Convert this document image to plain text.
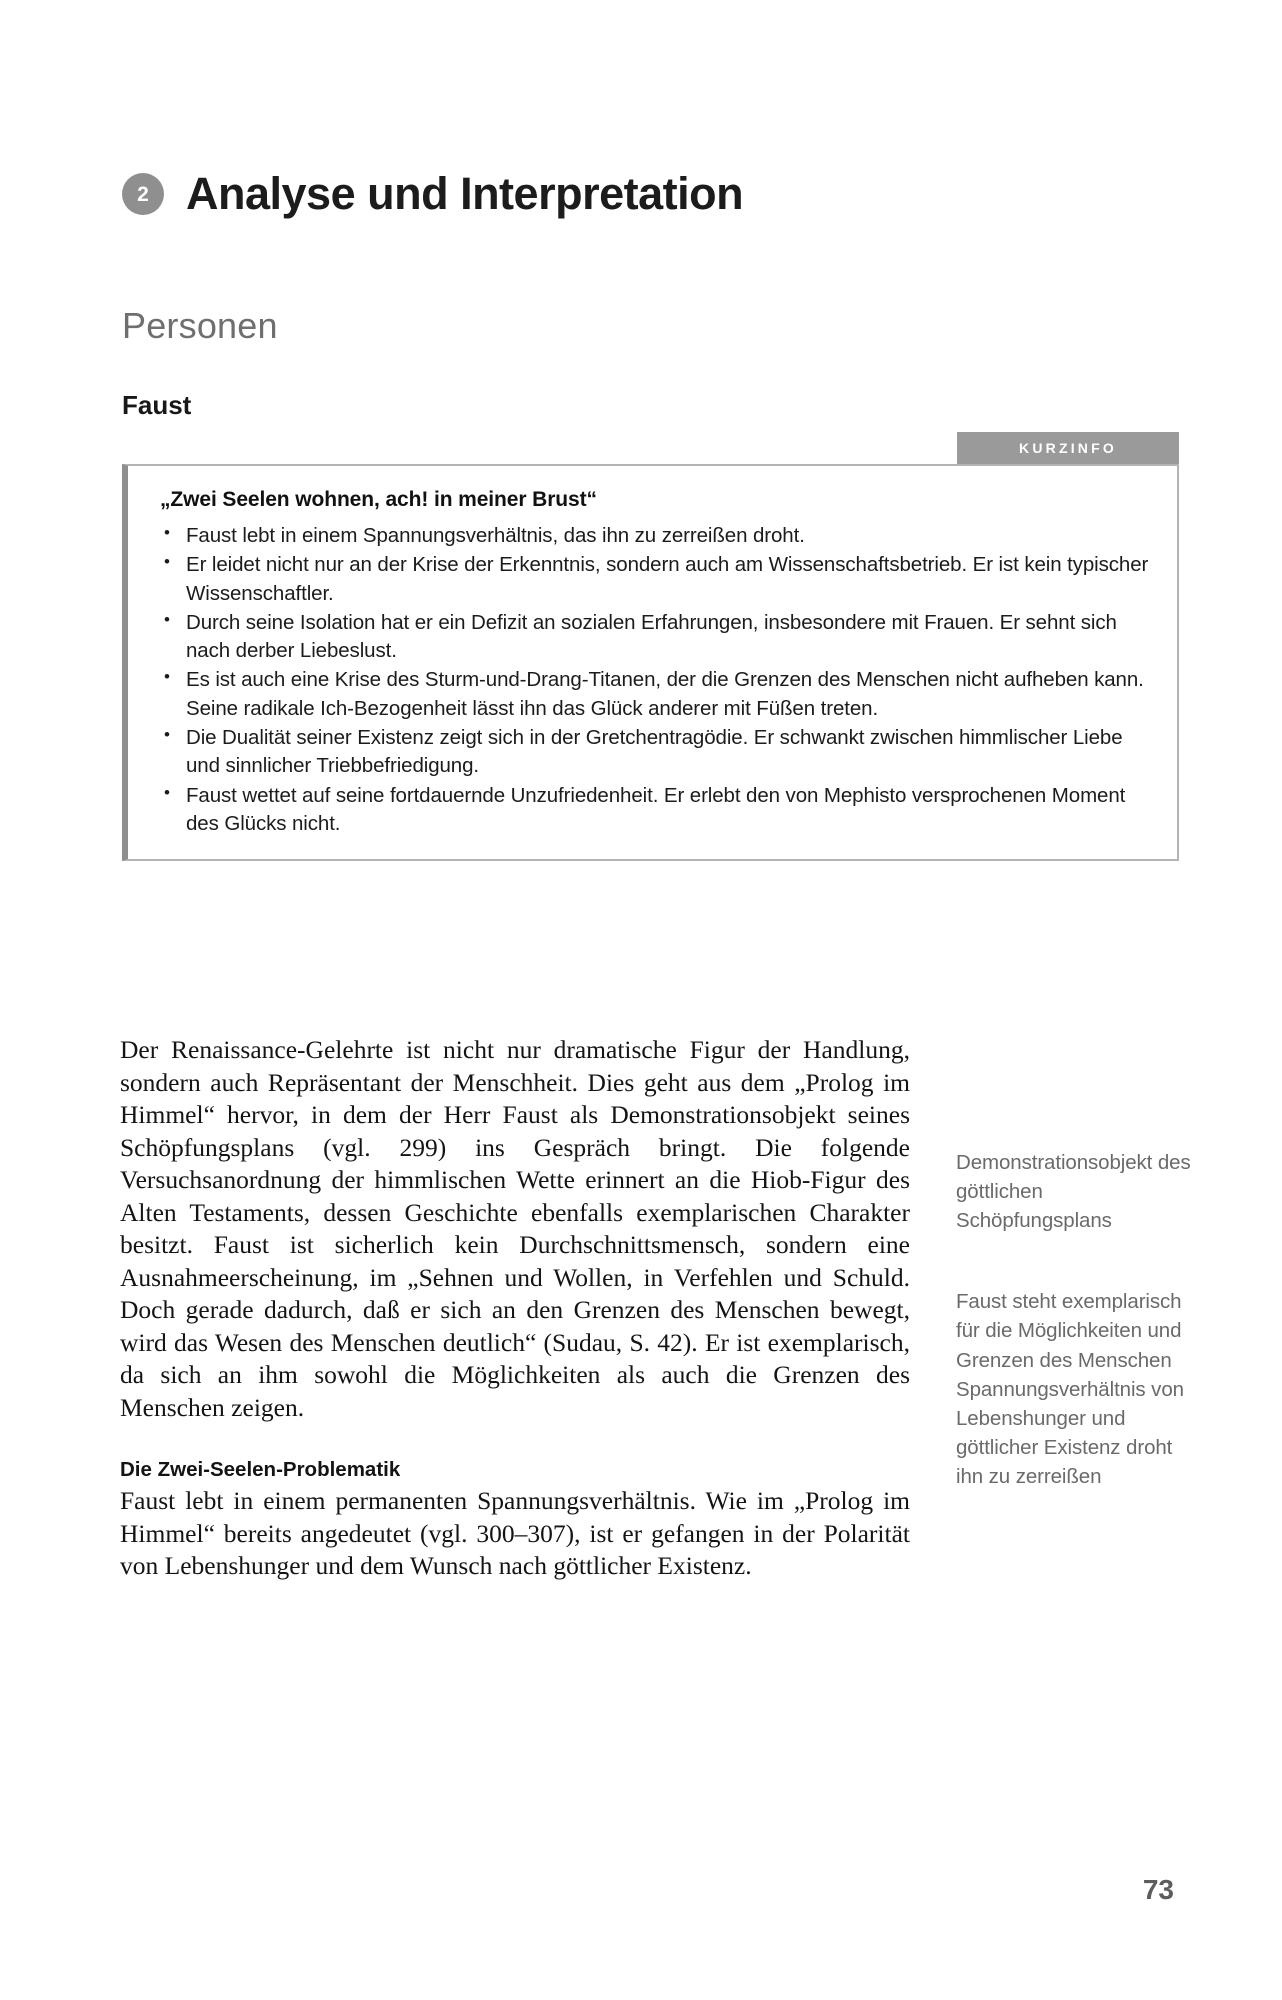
2 Analyse und Interpretation
Personen
Faust
KURZINFO
„Zwei Seelen wohnen, ach! in meiner Brust“
• Faust lebt in einem Spannungsverhältnis, das ihn zu zerreißen droht.
• Er leidet nicht nur an der Krise der Erkenntnis, sondern auch am Wissenschaftsbetrieb. Er ist kein typischer Wissenschaftler.
• Durch seine Isolation hat er ein Defizit an sozialen Erfahrungen, insbesondere mit Frauen. Er sehnt sich nach derber Liebeslust.
• Es ist auch eine Krise des Sturm-und-Drang-Titanen, der die Grenzen des Menschen nicht aufheben kann. Seine radikale Ich-Bezogenheit lässt ihn das Glück anderer mit Füßen treten.
• Die Dualität seiner Existenz zeigt sich in der Gretchentragödie. Er schwankt zwischen himmlischer Liebe und sinnlicher Triebbefriedigung.
• Faust wettet auf seine fortdauernde Unzufriedenheit. Er erlebt den von Mephisto versprochenen Moment des Glücks nicht.

Der Renaissance-Gelehrte ist nicht nur dramatische Figur der Handlung, sondern auch Repräsentant der Menschheit. Dies geht aus dem „Prolog im Himmel“ hervor, in dem der Herr Faust als Demonstrationsobjekt seines Schöpfungsplans (vgl. 299) ins Gespräch bringt. Die folgende Versuchsanordnung der himmlischen Wette erinnert an die Hiob-Figur des Alten Testaments, dessen Geschichte ebenfalls exemplarischen Charakter besitzt. Faust ist sicherlich kein Durchschnittsmensch, sondern eine Ausnahmeerscheinung, im „Sehnen und Wollen, in Verfehlen und Schuld. Doch gerade dadurch, daß er sich an den Grenzen des Menschen bewegt, wird das Wesen des Menschen deutlich“ (Sudau, S. 42). Er ist exemplarisch, da sich an ihm sowohl die Möglichkeiten als auch die Grenzen des Menschen zeigen.

Die Zwei-Seelen-Problematik

Faust lebt in einem permanenten Spannungsverhältnis. Wie im „Prolog im Himmel“ bereits angedeutet (vgl. 300–307), ist er gefangen in der Polarität von Lebenshunger und dem Wunsch nach göttlicher Existenz.

Demonstrationsobjekt des göttlichen Schöpfungsplans
Faust steht exemplarisch für die Möglichkeiten und Grenzen des Menschen
Spannungsverhältnis von Lebenshunger und göttlicher Existenz droht ihn zu zerreißen
73
